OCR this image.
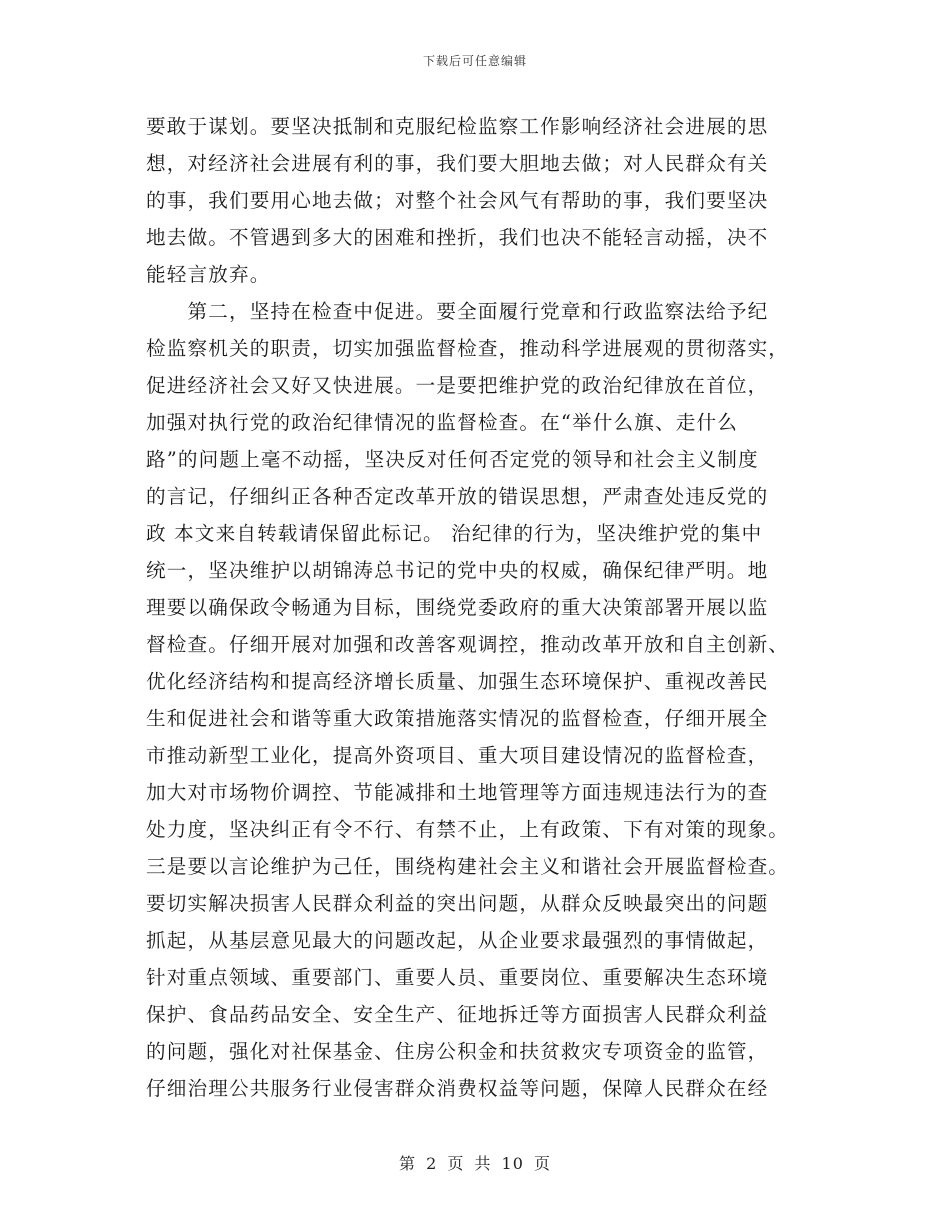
下载后可任意编辑
要敢于谋划。要坚决抵制和克服纪检监察工作影响经济社会进展的思
想，对经济社会进展有利的事，我们要大胆地去做；对人民群众有关
的事，我们要用心地去做；对整个社会风气有帮助的事，我们要坚决
地去做。不管遇到多大的困难和挫折，我们也决不能轻言动摇，决不
能轻言放弃。
　　第二，坚持在检查中促进。要全面履行党章和行政监察法给予纪
检监察机关的职责，切实加强监督检查，推动科学进展观的贯彻落实，
促进经济社会又好又快进展。一是要把维护党的政治纪律放在首位，
加强对执行党的政治纪律情况的监督检查。在“举什么旗、走什么
路”的问题上毫不动摇，坚决反对任何否定党的领导和社会主义制度
的言记，仔细纠正各种否定改革开放的错误思想，严肃查处违反党的
政 本文来自转载请保留此标记。 治纪律的行为，坚决维护党的集中
统一，坚决维护以胡锦涛总书记的党中央的权威，确保纪律严明。地
理要以确保政令畅通为目标，围绕党委政府的重大决策部署开展以监
督检查。仔细开展对加强和改善客观调控，推动改革开放和自主创新、
优化经济结构和提高经济增长质量、加强生态环境保护、重视改善民
生和促进社会和谐等重大政策措施落实情况的监督检查，仔细开展全
市推动新型工业化，提高外资项目、重大项目建设情况的监督检查，
加大对市场物价调控、节能减排和土地管理等方面违规违法行为的查
处力度，坚决纠正有令不行、有禁不止，上有政策、下有对策的现象。
三是要以言论维护为己任，围绕构建社会主义和谐社会开展监督检查。
要切实解决损害人民群众利益的突出问题，从群众反映最突出的问题
抓起，从基层意见最大的问题改起，从企业要求最强烈的事情做起，
针对重点领域、重要部门、重要人员、重要岗位、重要解决生态环境
保护、食品药品安全、安全生产、征地拆迁等方面损害人民群众利益
的问题，强化对社保基金、住房公积金和扶贫救灾专项资金的监管，
仔细治理公共服务行业侵害群众消费权益等问题，保障人民群众在经
第 2 页 共 10 页
